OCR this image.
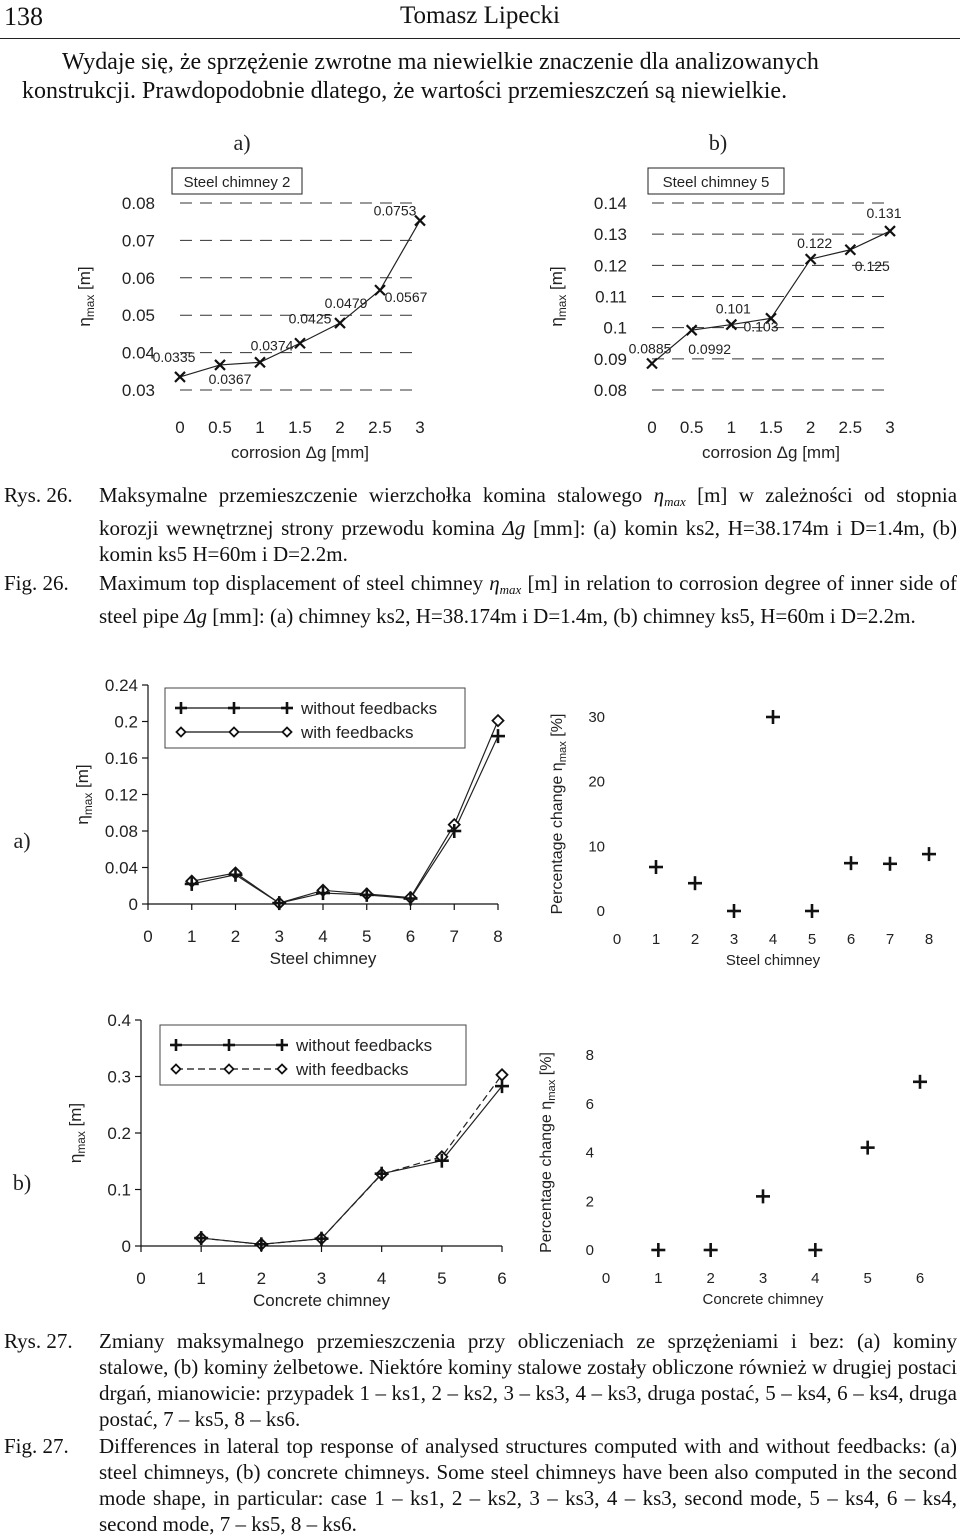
138	Tomasz Lipecki
Wydaje się, że sprzężenie zwrotne ma niewielkie znaczenie dla analizowanych
konstrukcji. Prawdopodobnie dlatego, że wartości przemieszczeń są niewielkie.
a)	b)
0.03
0.04
0.05
0.06
0.07
0.08
0 0.5 1 1.5 2 2.5 3
corrosion Δg [mm]
$\eta_{max}$ [m]
Steel chimney 2
0.0335
0.0367
0.0374
0.0425
0.0479 0.0567
0.0753
0.08
0.09
0.1
0.11
0.12
0.13
0.14
0 0.5 1 1.5 2 2.5 3
corrosion Δg [mm]
$\eta_{max}$ [m]
Steel chimney 5
0.0885 0.0992
0.101
0.103
0.122
0.125
0.131
Rys. 26. Maksymalne przemieszczenie wierzchołka komina stalowego ηmax [m] w zależności od stopnia korozji wewnętrznej strony przewodu komina Δg [mm]: (a) komin ks2, H=38.174m i D=1.4m, (b) komin ks5 H=60m i D=2.2m.
Fig. 26. Maximum top displacement of steel chimney ηmax [m] in relation to corrosion degree of inner side of steel pipe Δg [mm]: (a) chimney ks2, H=38.174m i D=1.4m, (b) chimney ks5, H=60m i D=2.2m.
a)
b)
0
0.04
0.08
0.12
0.16
0.2
0.24
0 1 2 3 4 5 6 7 8
Steel chimney
$\eta_{max}$ [m]
without feedbacks
with feedbacks
0
10
20
30
0 1 2 3 4 5 6 7 8
Steel chimney
Percentage change $\eta_{max}$ [%]
0
0.1
0.2
0.3
0.4
0	1	2	3	4	5	6
Concrete chimney
$\eta_{max}$ [m]
without feedbacks
with feedbacks
0
2
4
6
8
0	1	2	3	4	5	6
Concrete chimney
Percentage change $\eta_{max}$ [%]
Rys. 27. Zmiany maksymalnego przemieszczenia przy obliczeniach ze sprzężeniami i bez: (a) kominy stalowe, (b) kominy żelbetowe. Niektóre kominy stalowe zostały obliczone również w drugiej postaci drgań, mianowicie: przypadek 1 – ks1, 2 – ks2, 3 – ks3, 4 – ks3, druga postać, 5 – ks4, 6 – ks4, druga postać, 7 – ks5, 8 – ks6.
Fig. 27. Differences in lateral top response of analysed structures computed with and without feedbacks: (a) steel chimneys, (b) concrete chimneys. Some steel chimneys have been also computed in the second mode shape, in particular: case 1 – ks1, 2 – ks2, 3 – ks3, 4 – ks3, second mode, 5 – ks4, 6 – ks4, second mode, 7 – ks5, 8 – ks6.
